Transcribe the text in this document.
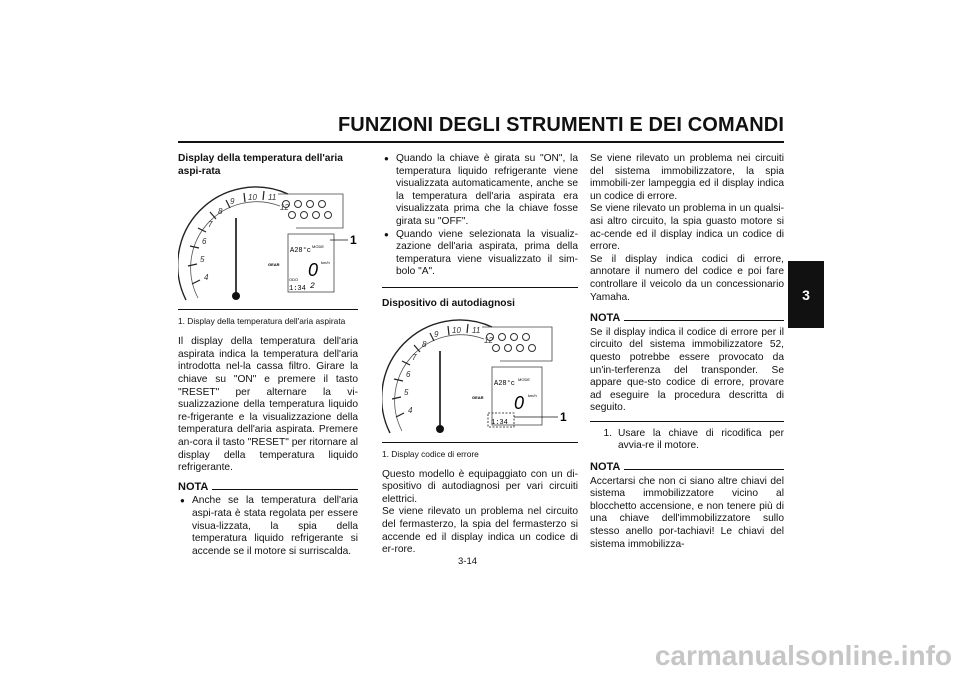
FUNZIONI DEGLI STRUMENTI E DEI COMANDI
3
Display della temperatura dell'aria aspi-rata
4
5
6
7
8
9 10 11
12
A28°c
MODE
0 km/h
ODO
2
1:34
GEAR
1
1. Display della temperatura dell'aria aspirata

Il display della temperatura dell'aria aspirata indica la temperatura dell'aria introdotta nel-la cassa filtro. Girare la chiave su "ON" e premere il tasto "RESET" per alternare la vi-sualizzazione della temperatura liquido re-frigerante e la visualizzazione della temperatura dell'aria aspirata. Premere an-cora il tasto "RESET" per ritornare al display della temperatura liquido refrigerante.

NOTA
● Anche se la temperatura dell'aria aspi-rata è stata regolata per essere visua-lizzata, la spia della temperatura liquido refrigerante si accende se il motore si surriscalda.

● Quando la chiave è girata su "ON", la temperatura liquido refrigerante viene visualizzata automaticamente, anche se la temperatura dell'aria aspirata era visualizzata prima che la chiave fosse girata su "OFF".

● Quando viene selezionata la visualiz-zazione dell'aria aspirata, prima della temperatura viene visualizzato il sim-bolo "A".

Dispositivo di autodiagnosi
4
5
6
7
8
9 10 11
12
A28°c
MODE
0 km/h
1:34
GEAR
1
1. Display codice di errore

Questo modello è equipaggiato con un di-spositivo di autodiagnosi per vari circuiti elettrici.
Se viene rilevato un problema nel circuito del fermasterzo, la spia del fermasterzo si accende ed il display indica un codice di er-rore.

Se viene rilevato un problema nei circuiti del sistema immobilizzatore, la spia immobili-zer lampeggia ed il display indica un codice di errore.
Se viene rilevato un problema in un qualsi-asi altro circuito, la spia guasto motore si ac-cende ed il display indica un codice di errore.
Se il display indica codici di errore, annotare il numero del codice e poi fare controllare il veicolo da un concessionario Yamaha.

NOTA

Se il display indica il codice di errore per il circuito del sistema immobilizzatore 52, questo potrebbe essere provocato da un'in-terferenza del transponder. Se appare que-sto codice di errore, provare ad eseguire la procedura descritta di seguito.

1. Usare la chiave di ricodifica per avvia-re il motore.

NOTA

Accertarsi che non ci siano altre chiavi del sistema immobilizzatore vicino al blocchetto accensione, e non tenere più di una chiave dell'immobilizzatore sullo stesso anello por-tachiavi! Le chiavi del sistema immobilizza-

3-14
carmanualsonline.info
